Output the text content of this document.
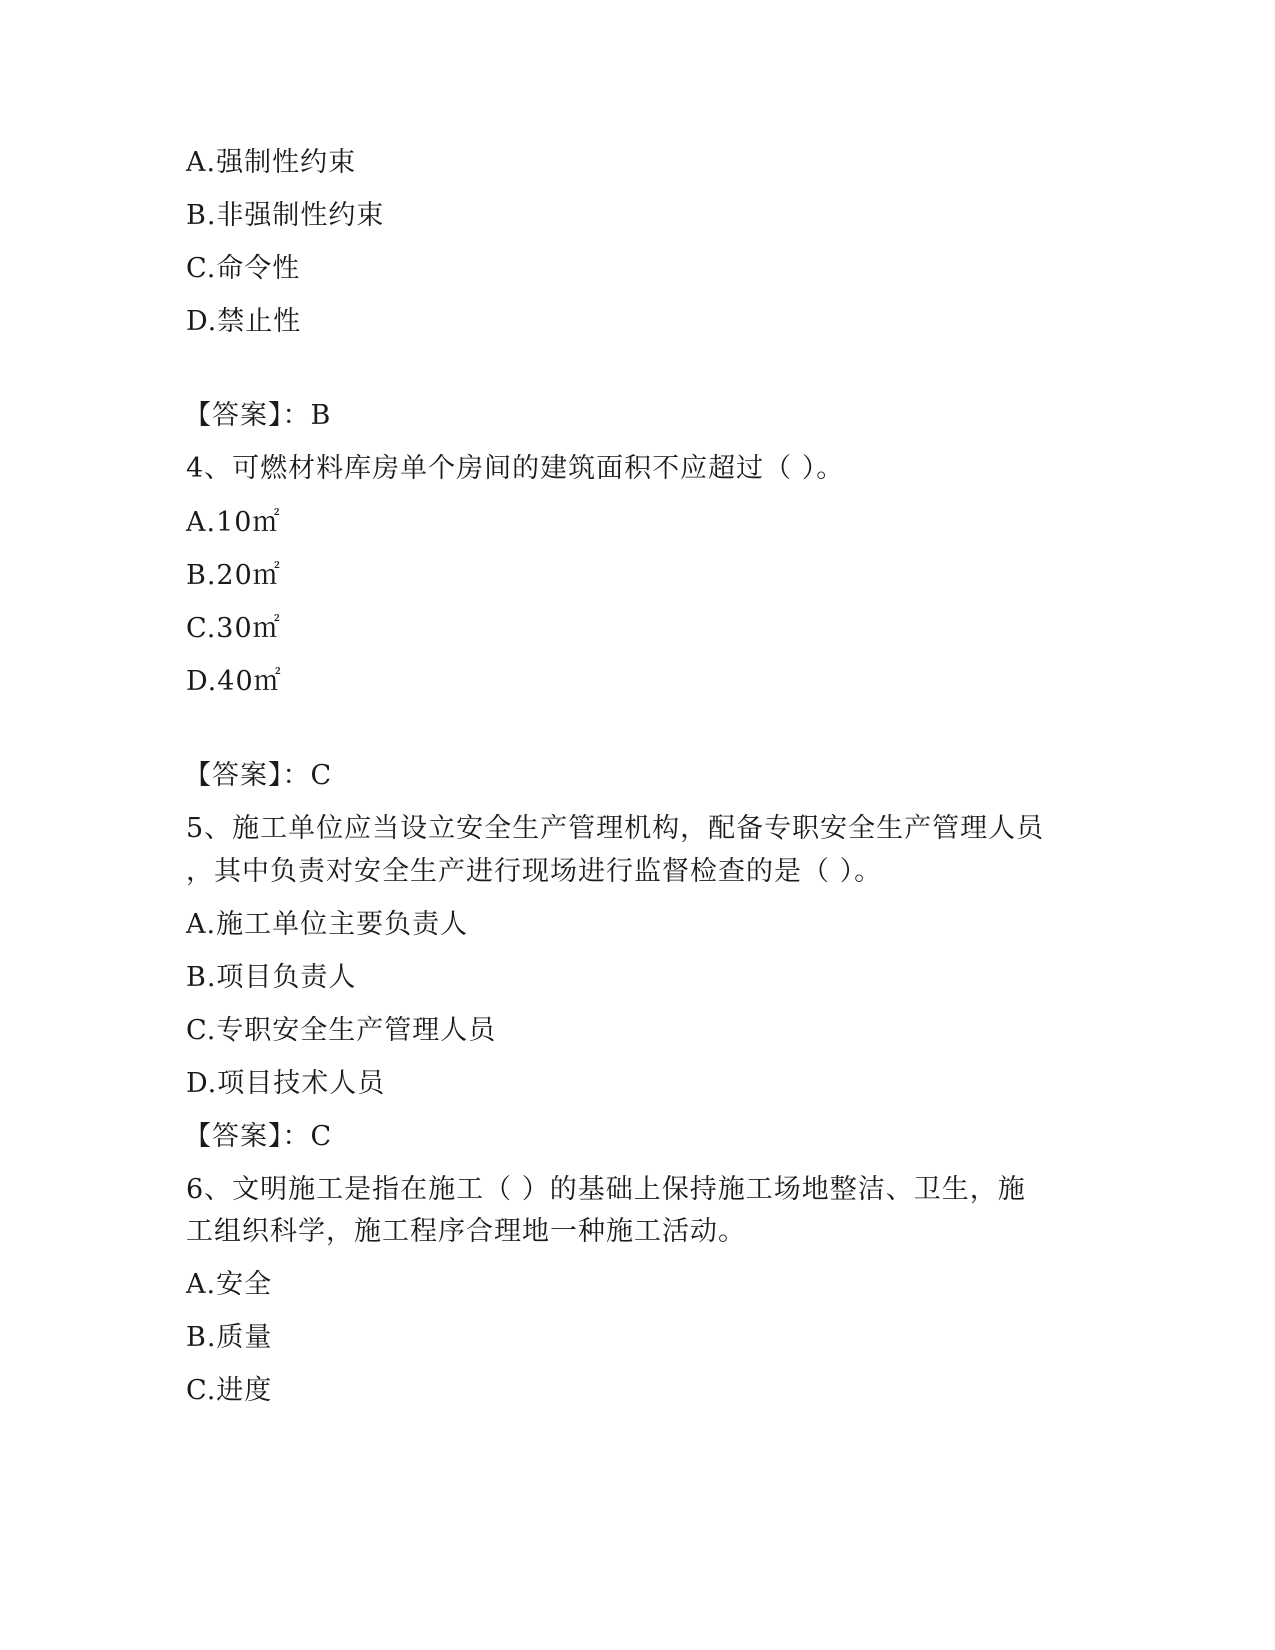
A.强制性约束
B.非强制性约束
C.命令性
D.禁止性
【答案】：B
4、可燃材料库房单个房间的建筑面积不应超过（ ）。
A.10㎡
B.20㎡
C.30㎡
D.40㎡
【答案】：C
5、施工单位应当设立安全生产管理机构，配备专职安全生产管理人员
，其中负责对安全生产进行现场进行监督检查的是（ ）。
A.施工单位主要负责人
B.项目负责人
C.专职安全生产管理人员
D.项目技术人员
【答案】：C
6、文明施工是指在施工（ ）的基础上保持施工场地整洁、卫生，施
工组织科学，施工程序合理地一种施工活动。
A.安全
B.质量
C.进度
